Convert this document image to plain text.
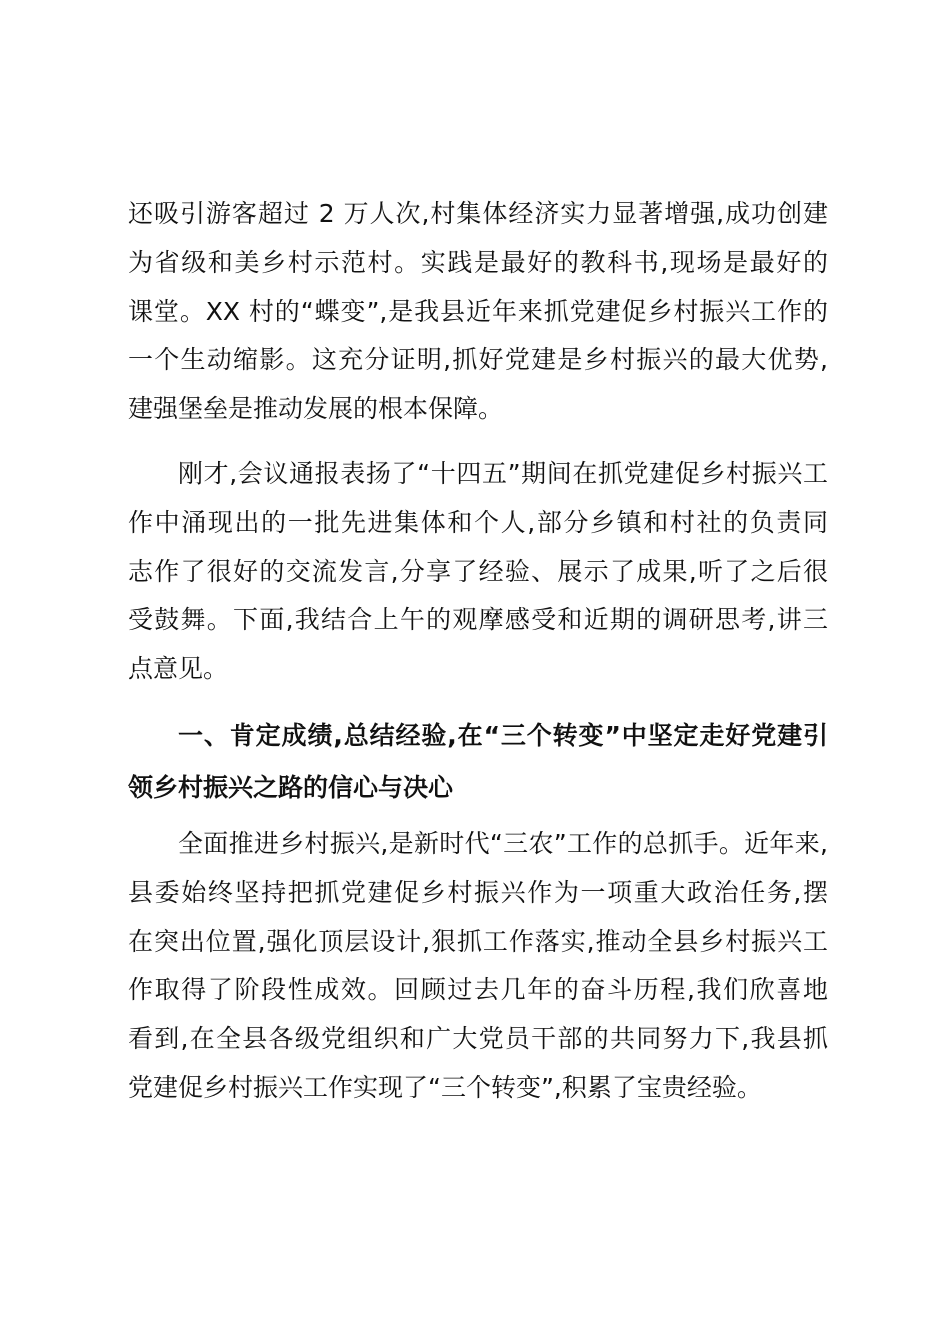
还吸引游客超过 2 万人次,村集体经济实力显著增强,成功创建
为省级和美乡村示范村。实践是最好的教科书,现场是最好的
课堂。XX 村的“蝶变”,是我县近年来抓党建促乡村振兴工作的
一个生动缩影。这充分证明,抓好党建是乡村振兴的最大优势,
建强堡垒是推动发展的根本保障。
刚才,会议通报表扬了“十四五”期间在抓党建促乡村振兴工
作中涌现出的一批先进集体和个人,部分乡镇和村社的负责同
志作了很好的交流发言,分享了经验、展示了成果,听了之后很
受鼓舞。下面,我结合上午的观摩感受和近期的调研思考,讲三
点意见。
一、肯定成绩,总结经验,在“三个转变”中坚定走好党建引
领乡村振兴之路的信心与决心
全面推进乡村振兴,是新时代“三农”工作的总抓手。近年来,
县委始终坚持把抓党建促乡村振兴作为一项重大政治任务,摆
在突出位置,强化顶层设计,狠抓工作落实,推动全县乡村振兴工
作取得了阶段性成效。回顾过去几年的奋斗历程,我们欣喜地
看到,在全县各级党组织和广大党员干部的共同努力下,我县抓
党建促乡村振兴工作实现了“三个转变”,积累了宝贵经验。
